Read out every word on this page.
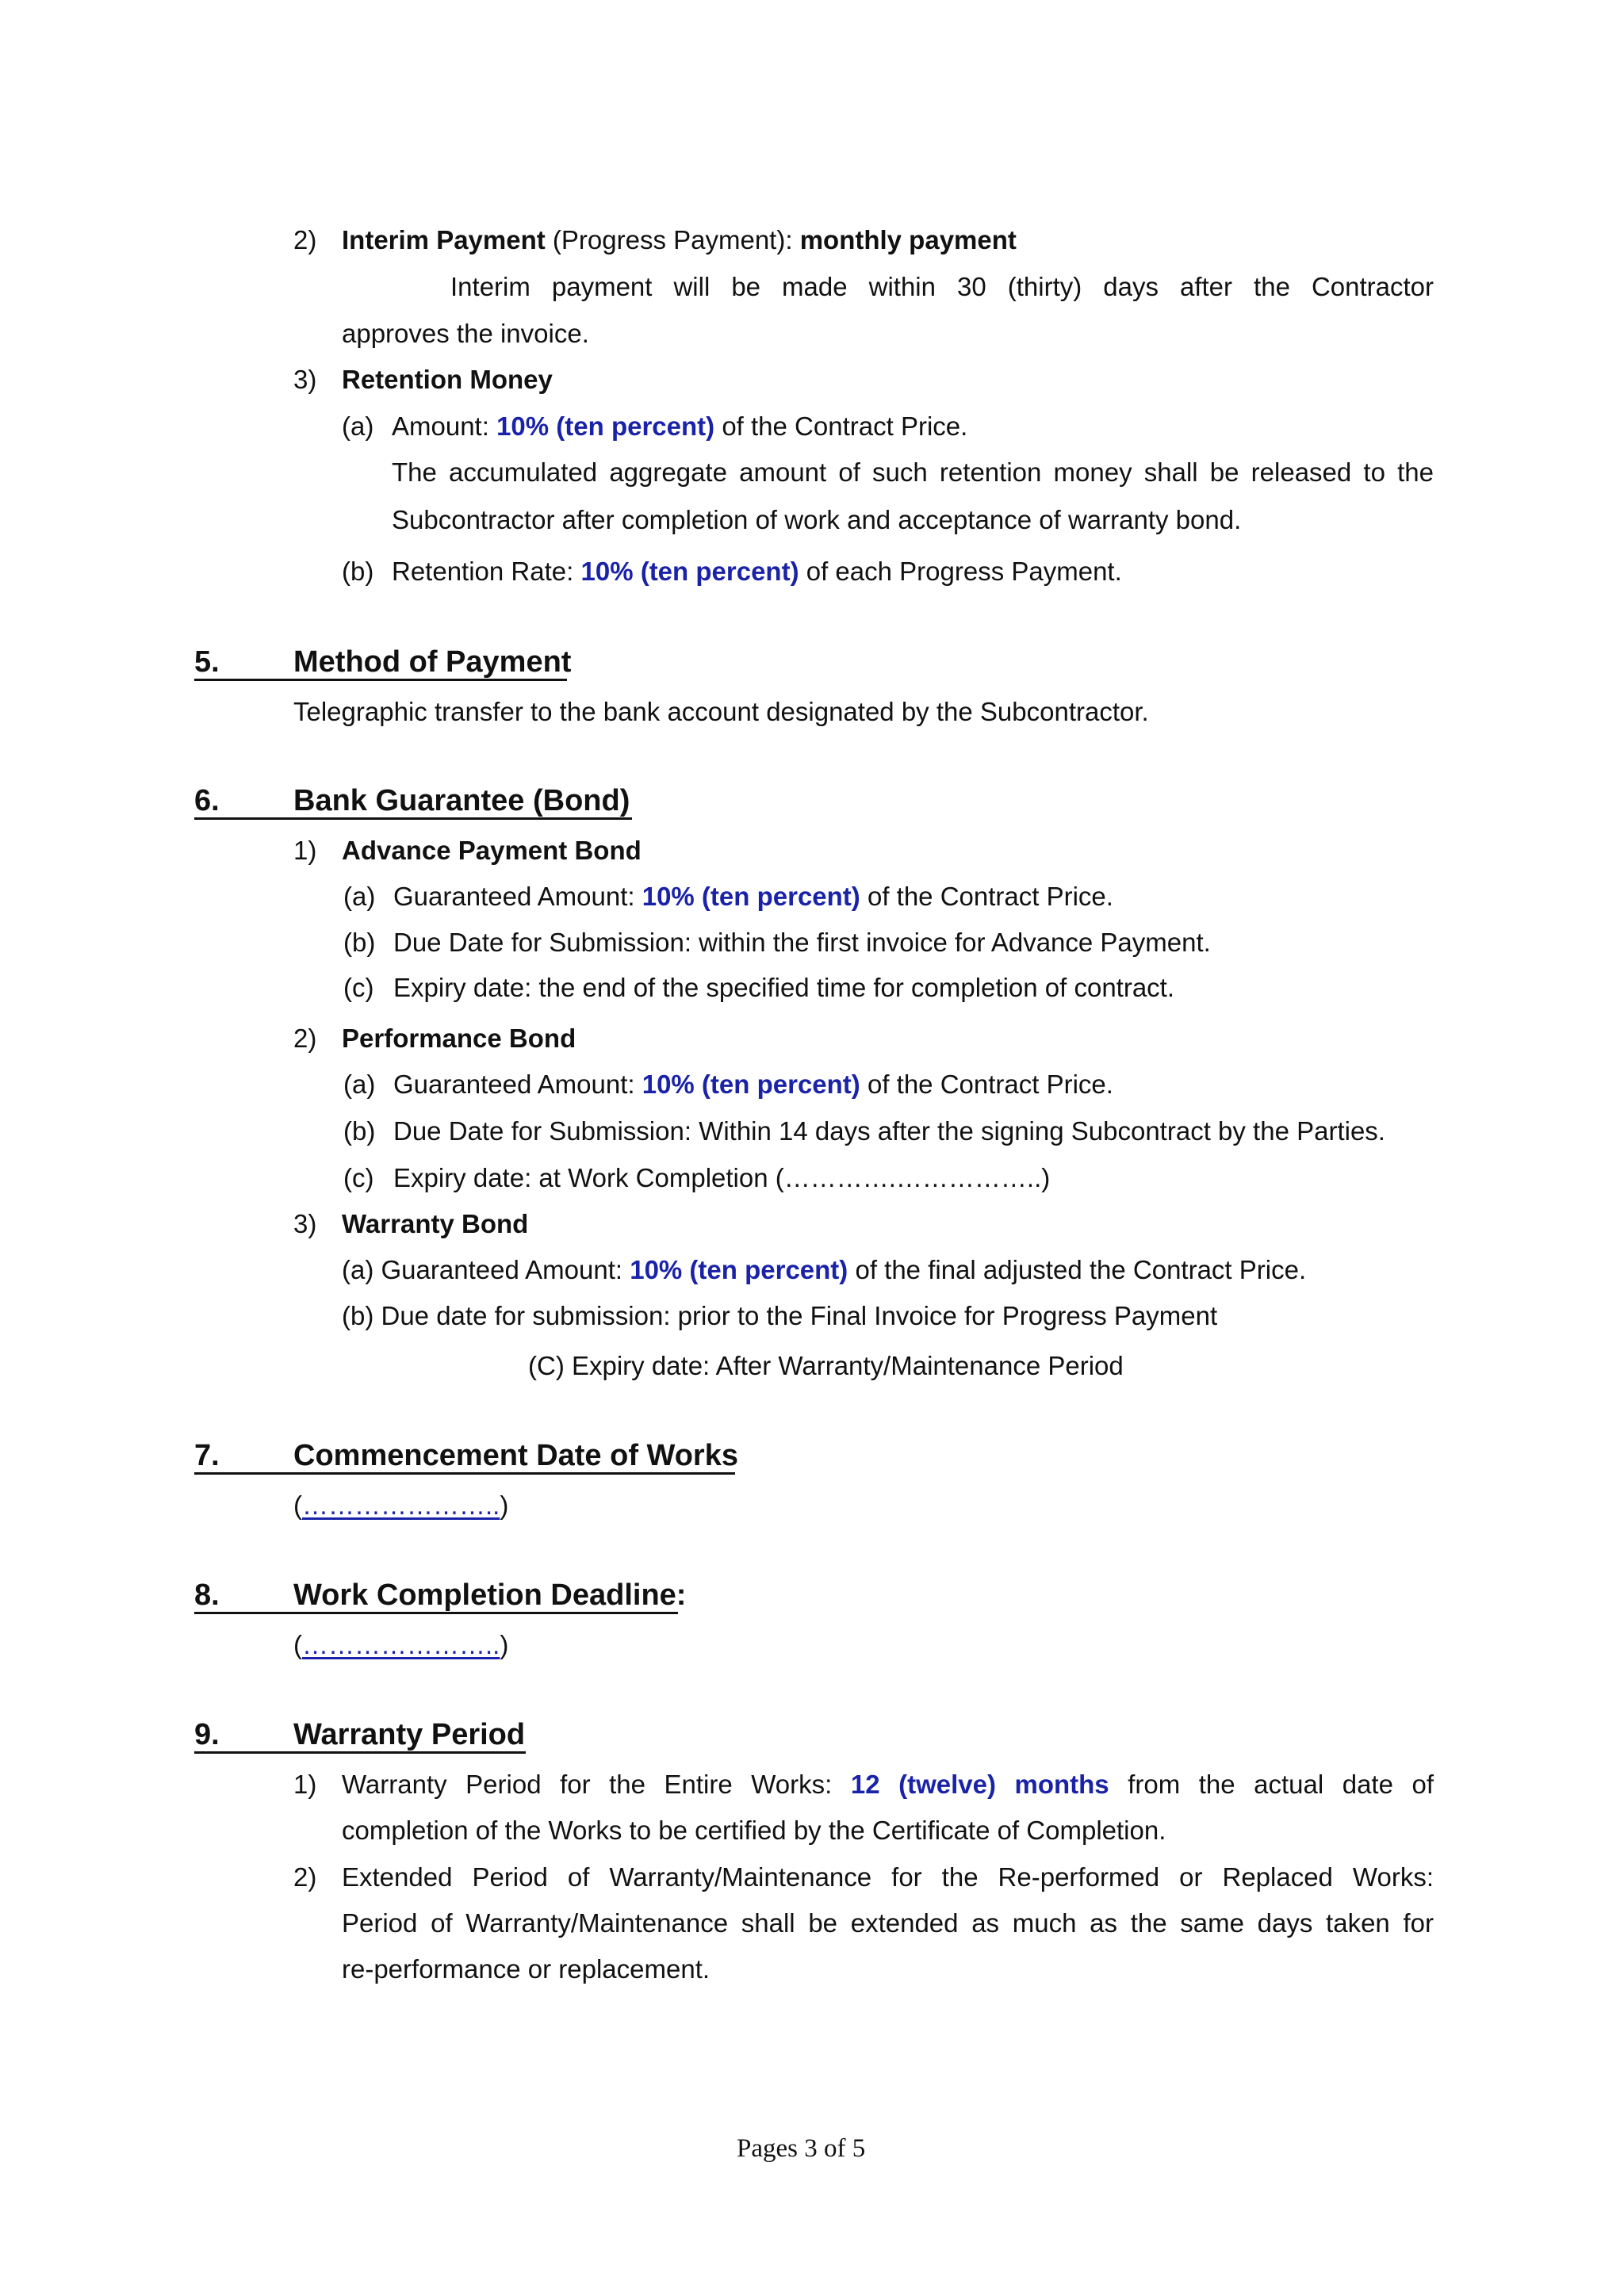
2) Interim Payment (Progress Payment): monthly payment
Interim payment will be made within 30 (thirty) days after the Contractor
approves the invoice.
3) Retention Money
(a) Amount: 10% (ten percent) of the Contract Price.
The accumulated aggregate amount of such retention money shall be released to the
Subcontractor after completion of work and acceptance of warranty bond.
(b) Retention Rate: 10% (ten percent) of each Progress Payment.
5. Method of Payment
Telegraphic transfer to the bank account designated by the Subcontractor.
6. Bank Guarantee (Bond)
1) Advance Payment Bond
(a) Guaranteed Amount: 10% (ten percent) of the Contract Price.
(b) Due Date for Submission: within the first invoice for Advance Payment.
(c) Expiry date: the end of the specified time for completion of contract.
2) Performance Bond
(a) Guaranteed Amount: 10% (ten percent) of the Contract Price.
(b) Due Date for Submission: Within 14 days after the signing Subcontract by the Parties.
(c) Expiry date: at Work Completion (………….……………..)
3) Warranty Bond
(a) Guaranteed Amount: 10% (ten percent) of the final adjusted the Contract Price.
(b) Due date for submission: prior to the Final Invoice for Progress Payment
(C) Expiry date: After Warranty/Maintenance Period
7. Commencement Date of Works
(…………………..)
8. Work Completion Deadline:
(…………………..)
9. Warranty Period
1) Warranty Period for the Entire Works: 12 (twelve) months from the actual date of
completion of the Works to be certified by the Certificate of Completion.
2) Extended Period of Warranty/Maintenance for the Re-performed or Replaced Works:
Period of Warranty/Maintenance shall be extended as much as the same days taken for
re-performance or replacement.
Pages 3 of 5
